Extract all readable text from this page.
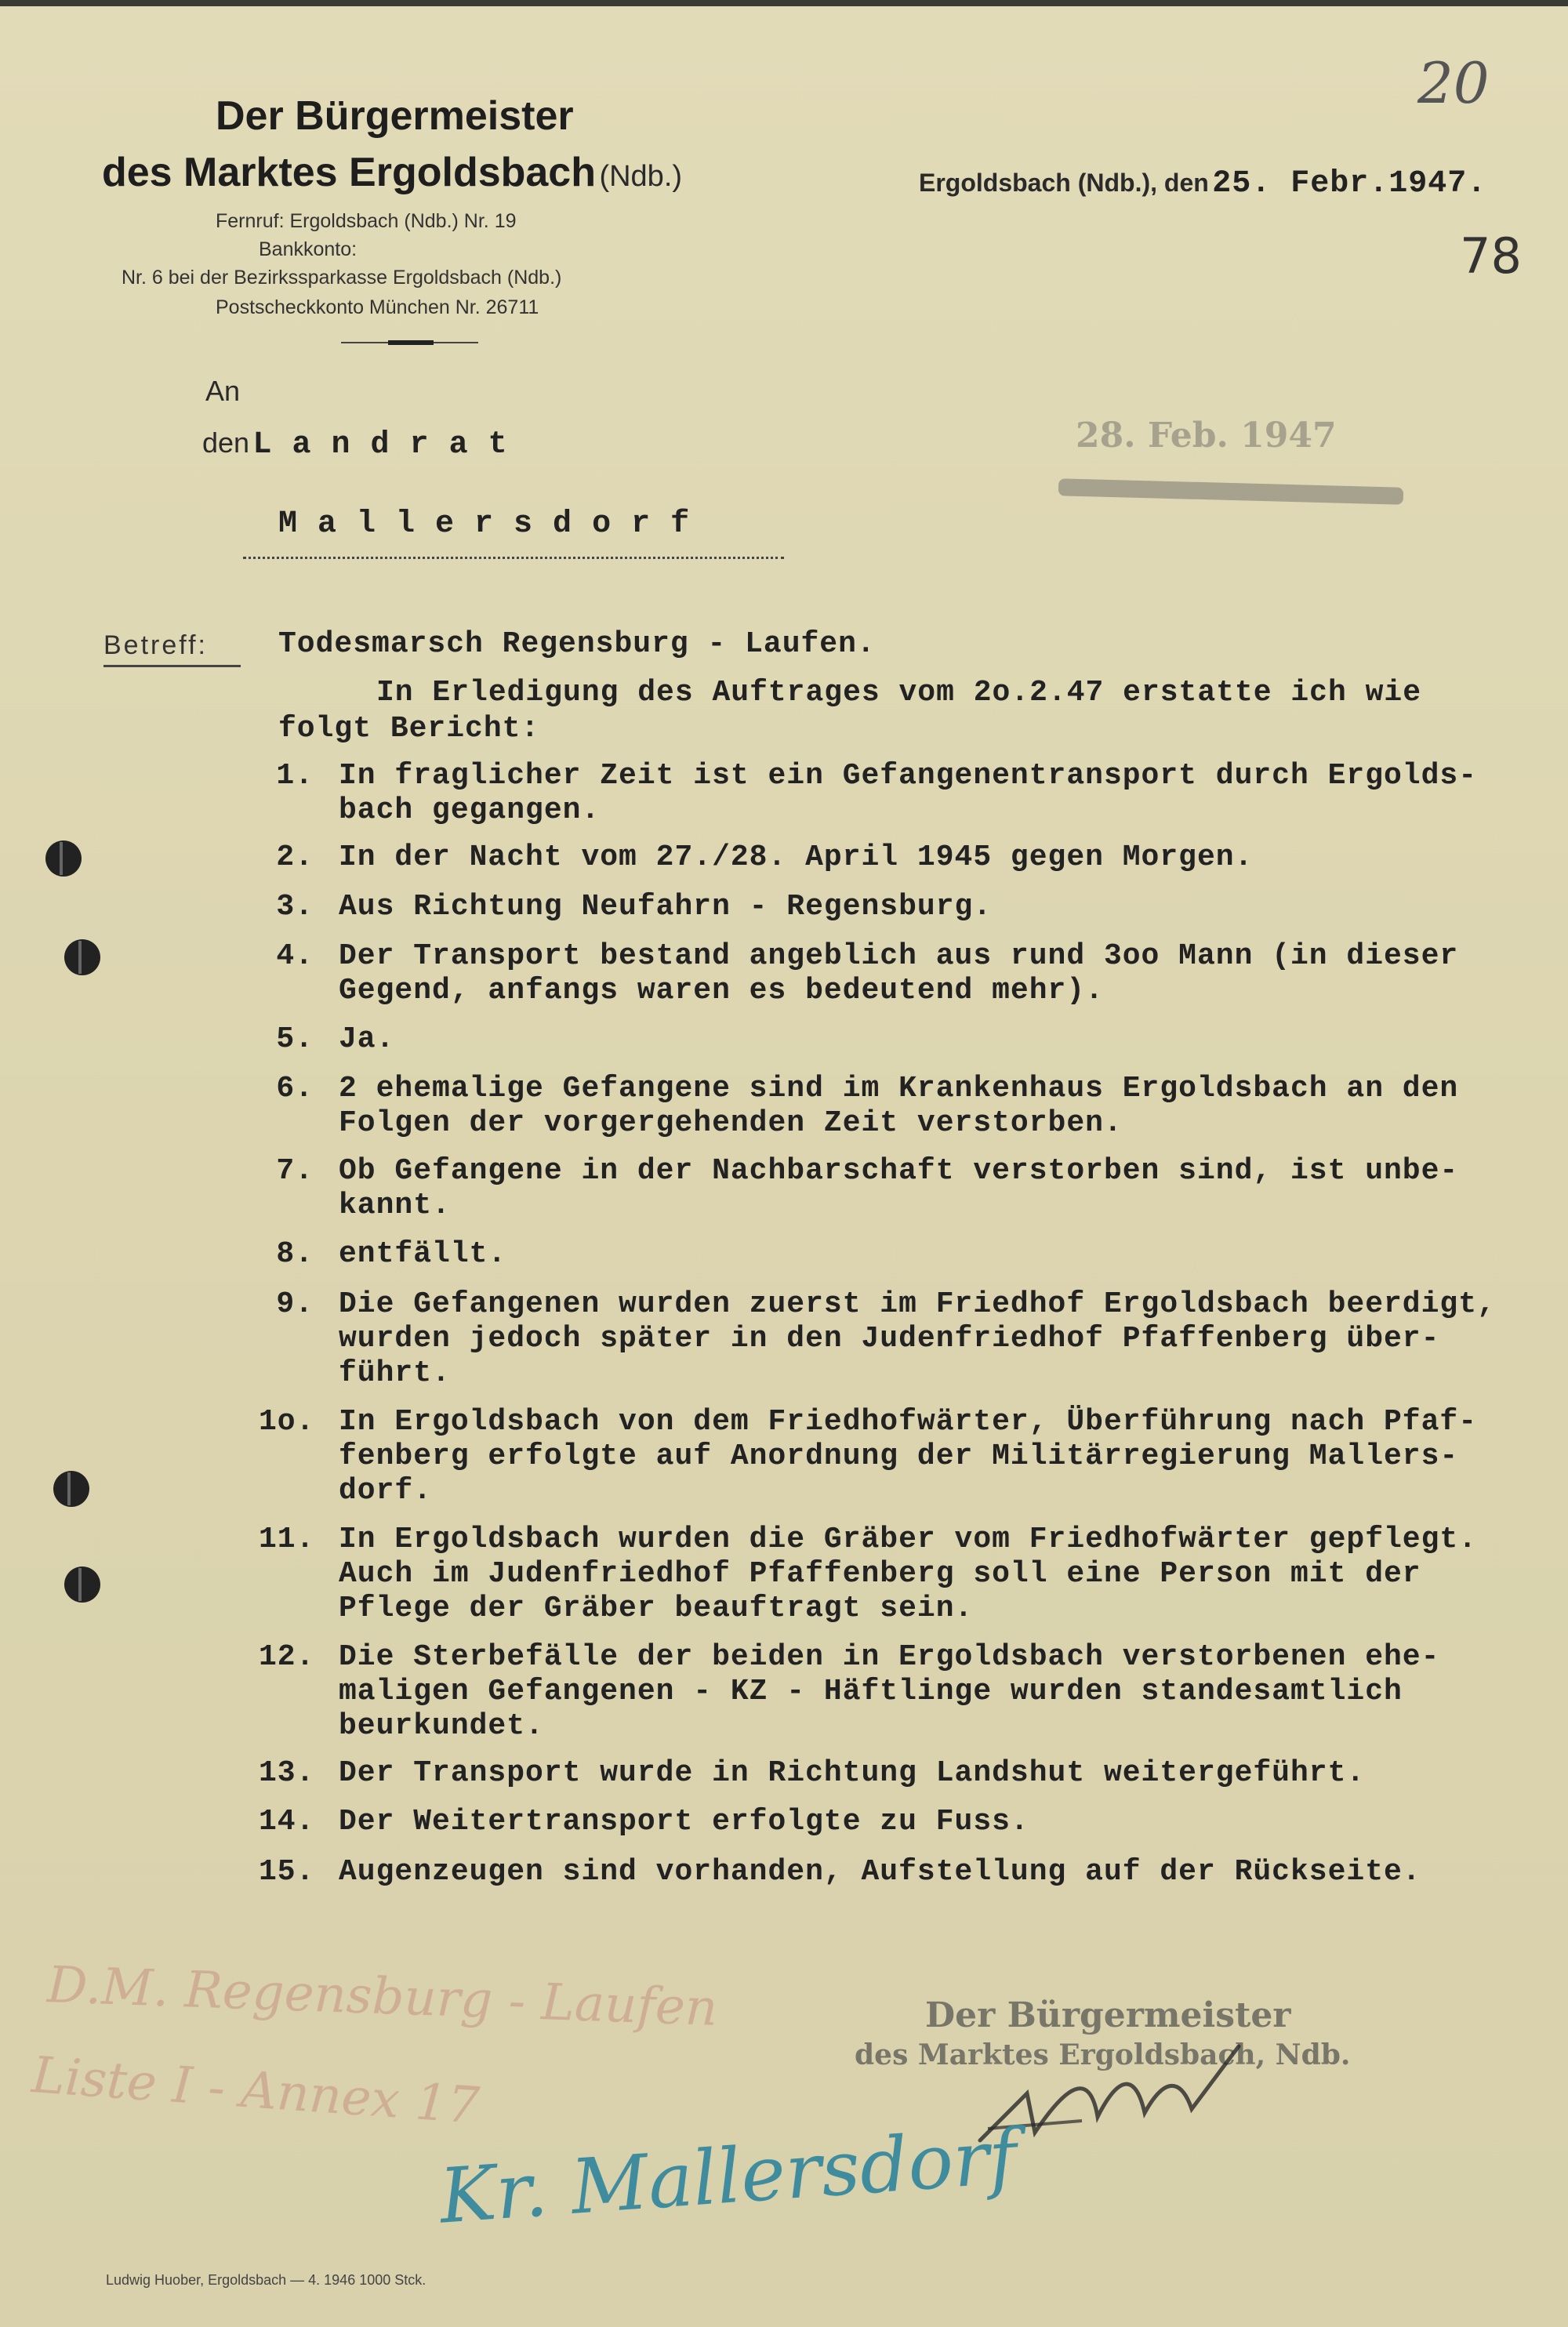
Der Bürgermeister
des Marktes Ergoldsbach (Ndb.)
Fernruf: Ergoldsbach (Ndb.) Nr. 19
Bankkonto:
Nr. 6 bei der Bezirkssparkasse Ergoldsbach (Ndb.)
Postscheckkonto München Nr. 26711
20
78
Ergoldsbach (Ndb.), den 25. Febr.1947.
28. Feb. 1947
An
den L a n d r a t
M a l l e r s d o r f
Betreff: Todesmarsch Regensburg - Laufen.
In Erledigung des Auftrages vom 2o.2.47 erstatte ich wie
folgt Bericht:
1. In fraglicher Zeit ist ein Gefangenentransport durch Ergolds-
bach gegangen.
2. In der Nacht vom 27./28. April 1945 gegen Morgen.
3. Aus Richtung Neufahrn - Regensburg.
4. Der Transport bestand angeblich aus rund 3oo Mann (in dieser
Gegend, anfangs waren es bedeutend mehr).
5. Ja.
6. 2 ehemalige Gefangene sind im Krankenhaus Ergoldsbach an den
Folgen der vorgergehenden Zeit verstorben.
7. Ob Gefangene in der Nachbarschaft verstorben sind, ist unbe-
kannt.
8. entfällt.
9. Die Gefangenen wurden zuerst im Friedhof Ergoldsbach beerdigt,
wurden jedoch später in den Judenfriedhof Pfaffenberg über-
führt.
1o. In Ergoldsbach von dem Friedhofwärter, Überführung nach Pfaf-
fenberg erfolgte auf Anordnung der Militärregierung Mallers-
dorf.
11. In Ergoldsbach wurden die Gräber vom Friedhofwärter gepflegt.
Auch im Judenfriedhof Pfaffenberg soll eine Person mit der
Pflege der Gräber beauftragt sein.
12. Die Sterbefälle der beiden in Ergoldsbach verstorbenen ehe-
maligen Gefangenen - KZ - Häftlinge wurden standesamtlich
beurkundet.
13. Der Transport wurde in Richtung Landshut weitergeführt.
14. Der Weitertransport erfolgte zu Fuss.
15. Augenzeugen sind vorhanden, Aufstellung auf der Rückseite.
Der Bürgermeister
des Marktes Ergoldsbach, Ndb.
D.M. Regensburg - Laufen
Liste I - Annex 17
Kr. Mallersdorf
Ludwig Huober, Ergoldsbach — 4. 1946 1000 Stck.
